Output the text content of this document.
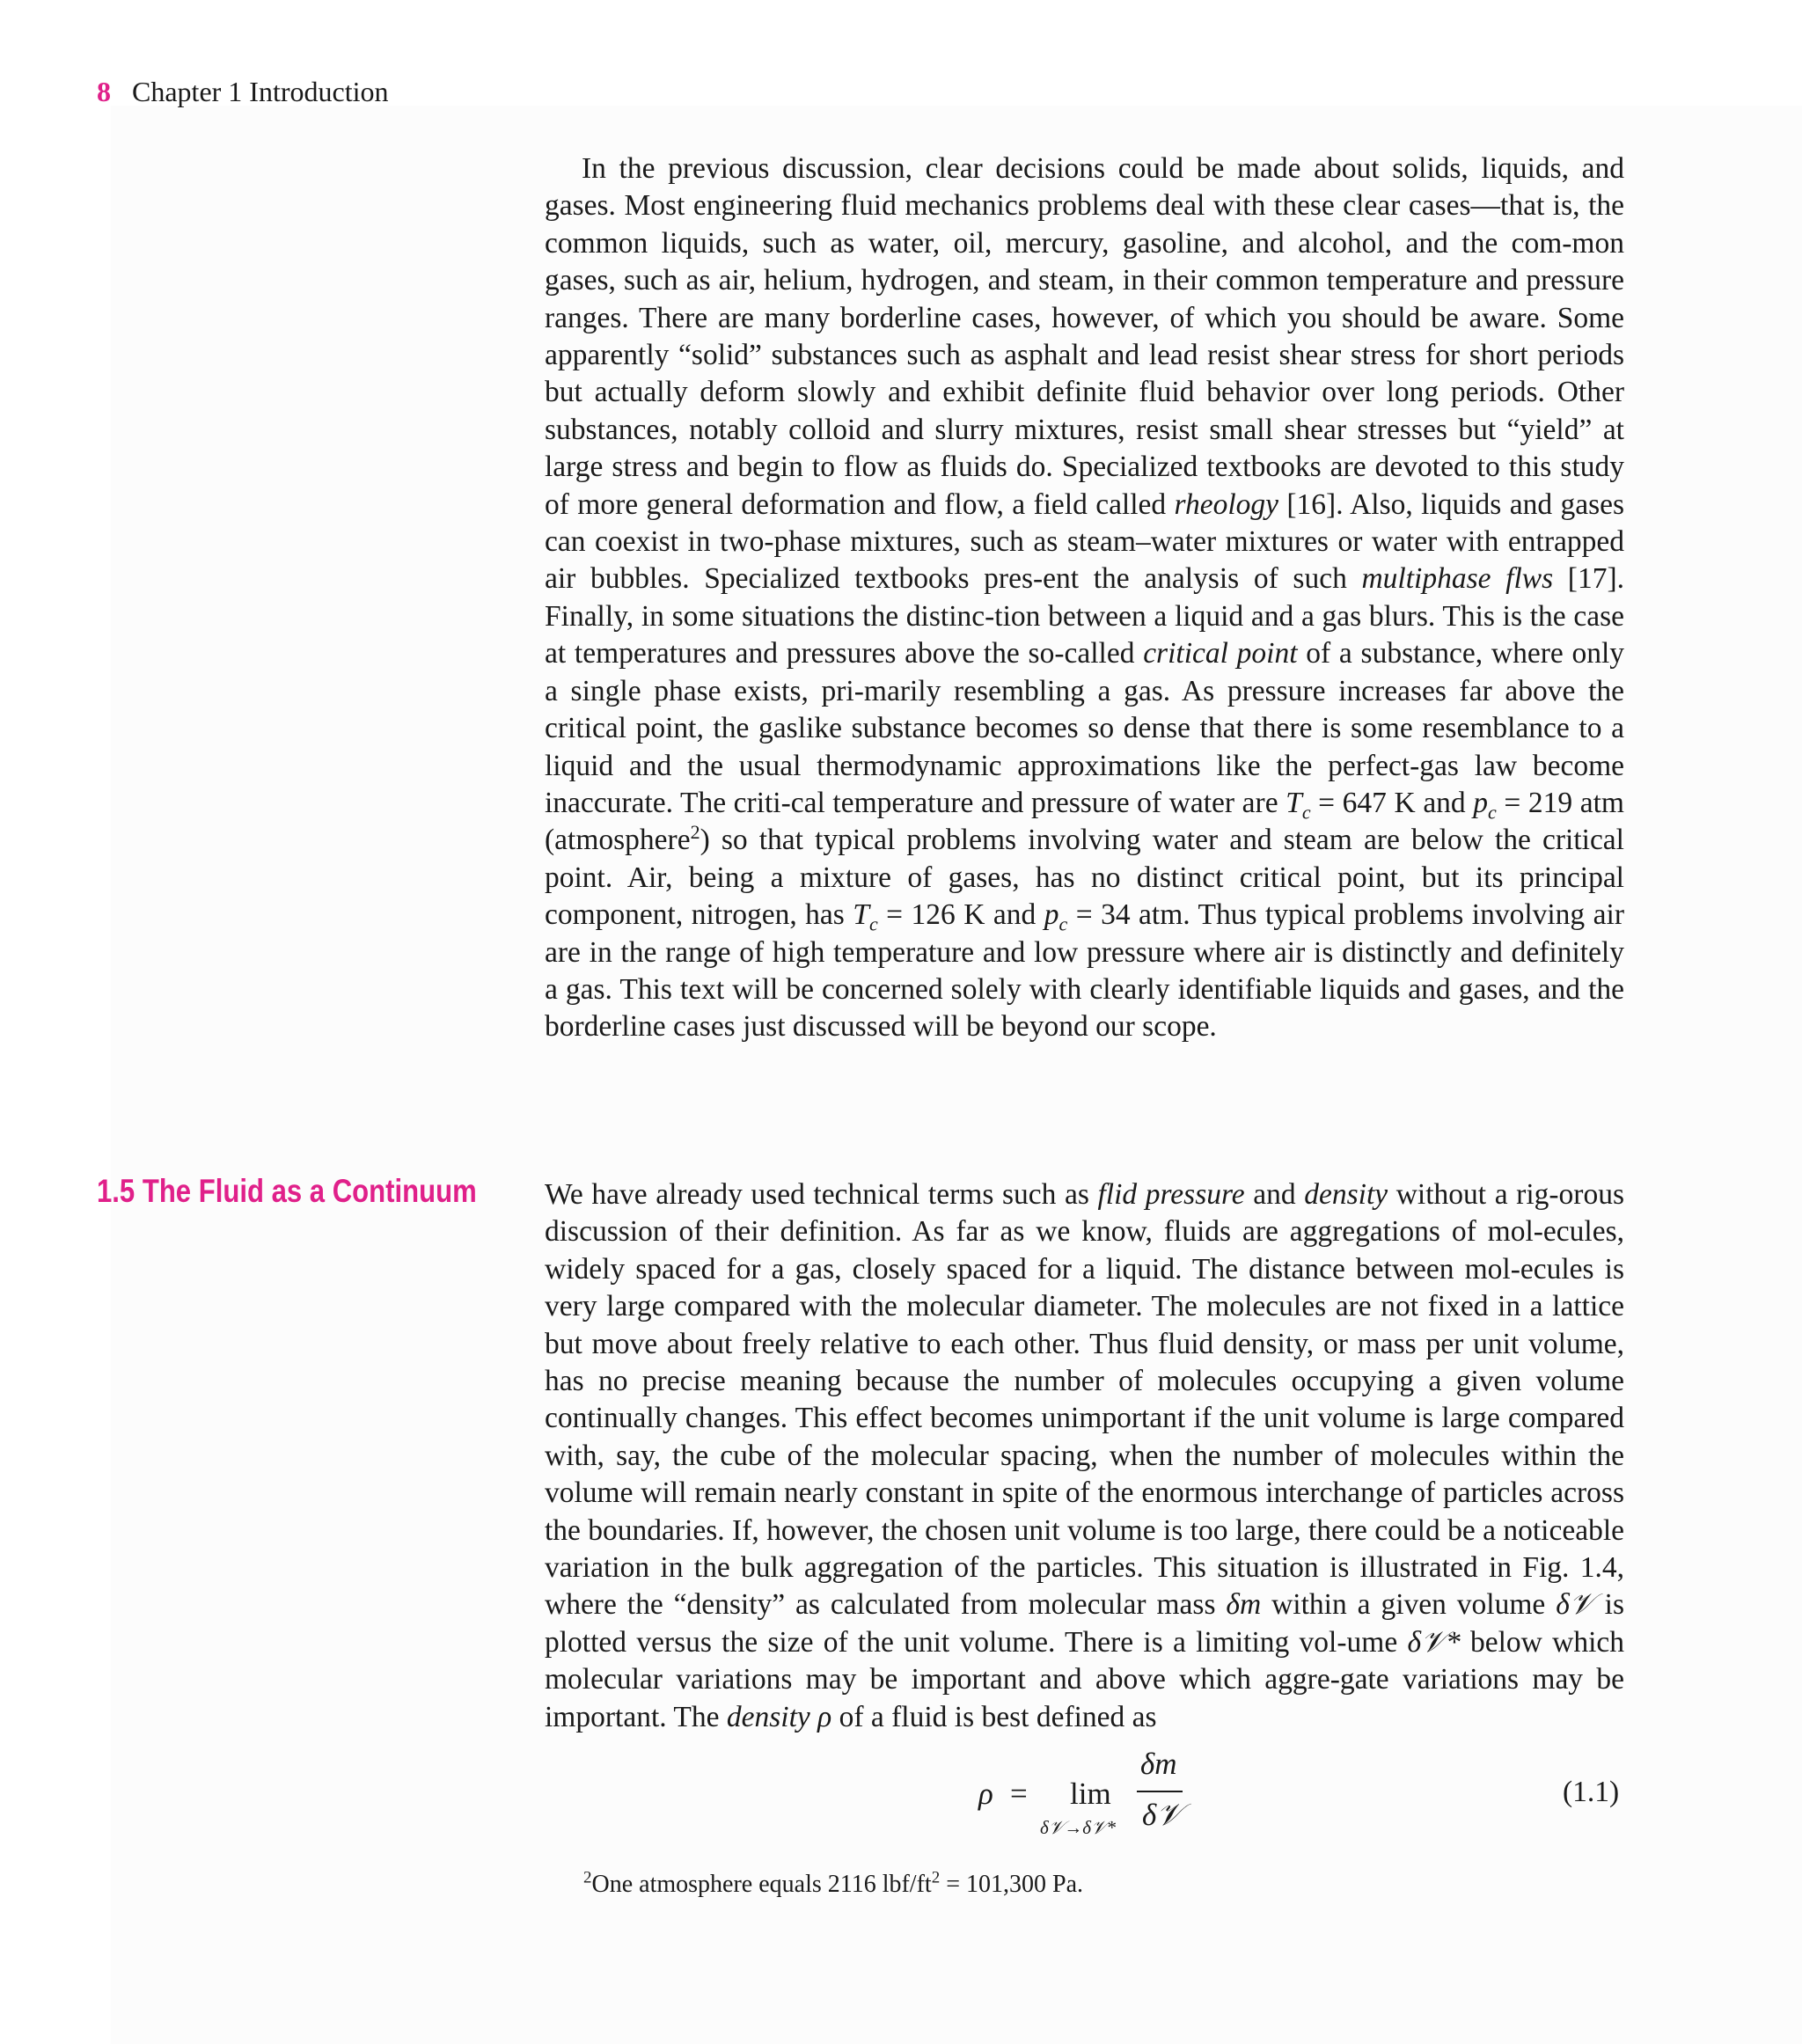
8 Chapter 1 Introduction
In the previous discussion, clear decisions could be made about solids, liquids, and gases. Most engineering fluid mechanics problems deal with these clear cases—that is, the common liquids, such as water, oil, mercury, gasoline, and alcohol, and the com-mon gases, such as air, helium, hydrogen, and steam, in their common temperature and pressure ranges. There are many borderline cases, however, of which you should be aware. Some apparently “solid” substances such as asphalt and lead resist shear stress for short periods but actually deform slowly and exhibit definite fluid behavior over long periods. Other substances, notably colloid and slurry mixtures, resist small shear stresses but “yield” at large stress and begin to flow as fluids do. Specialized textbooks are devoted to this study of more general deformation and flow, a field called rheology [16]. Also, liquids and gases can coexist in two-phase mixtures, such as steam–water mixtures or water with entrapped air bubbles. Specialized textbooks pres-ent the analysis of such multiphase flws [17]. Finally, in some situations the distinc-tion between a liquid and a gas blurs. This is the case at temperatures and pressures above the so-called critical point of a substance, where only a single phase exists, pri-marily resembling a gas. As pressure increases far above the critical point, the gaslike substance becomes so dense that there is some resemblance to a liquid and the usual thermodynamic approximations like the perfect-gas law become inaccurate. The criti-cal temperature and pressure of water are $T_c = 647$ K and $p_c = 219$ atm (atmosphere$^2$) so that typical problems involving water and steam are below the critical point. Air, being a mixture of gases, has no distinct critical point, but its principal component, nitrogen, has $T_c = 126$ K and $p_c = 34$ atm. Thus typical problems involving air are in the range of high temperature and low pressure where air is distinctly and definitely a gas. This text will be concerned solely with clearly identifiable liquids and gases, and the borderline cases just discussed will be beyond our scope.
1.5 The Fluid as a Continuum We have already used technical terms such as flid pressure and density without a rig-orous discussion of their definition. As far as we know, fluids are aggregations of mol-ecules, widely spaced for a gas, closely spaced for a liquid. The distance between mol-ecules is very large compared with the molecular diameter. The molecules are not fixed in a lattice but move about freely relative to each other. Thus fluid density, or mass per unit volume, has no precise meaning because the number of molecules occupying a given volume continually changes. This effect becomes unimportant if the unit volume is large compared with, say, the cube of the molecular spacing, when the number of molecules within the volume will remain nearly constant in spite of the enormous interchange of particles across the boundaries. If, however, the chosen unit volume is too large, there could be a noticeable variation in the bulk aggregation of the particles. This situation is illustrated in Fig. 1.4, where the “density” as calculated from molecular mass δm within a given volume δ𝒱 is plotted versus the size of the unit volume. There is a limiting vol-ume δ𝒱* below which molecular variations may be important and above which aggre-gate variations may be important. The density ρ of a fluid is best defined as
ρ = lim
δ𝒱→δ𝒱*
δm
δ𝒱
(1.1)
$^2$One atmosphere equals 2116 lbf/$ft^2 = 101,300$ Pa.
